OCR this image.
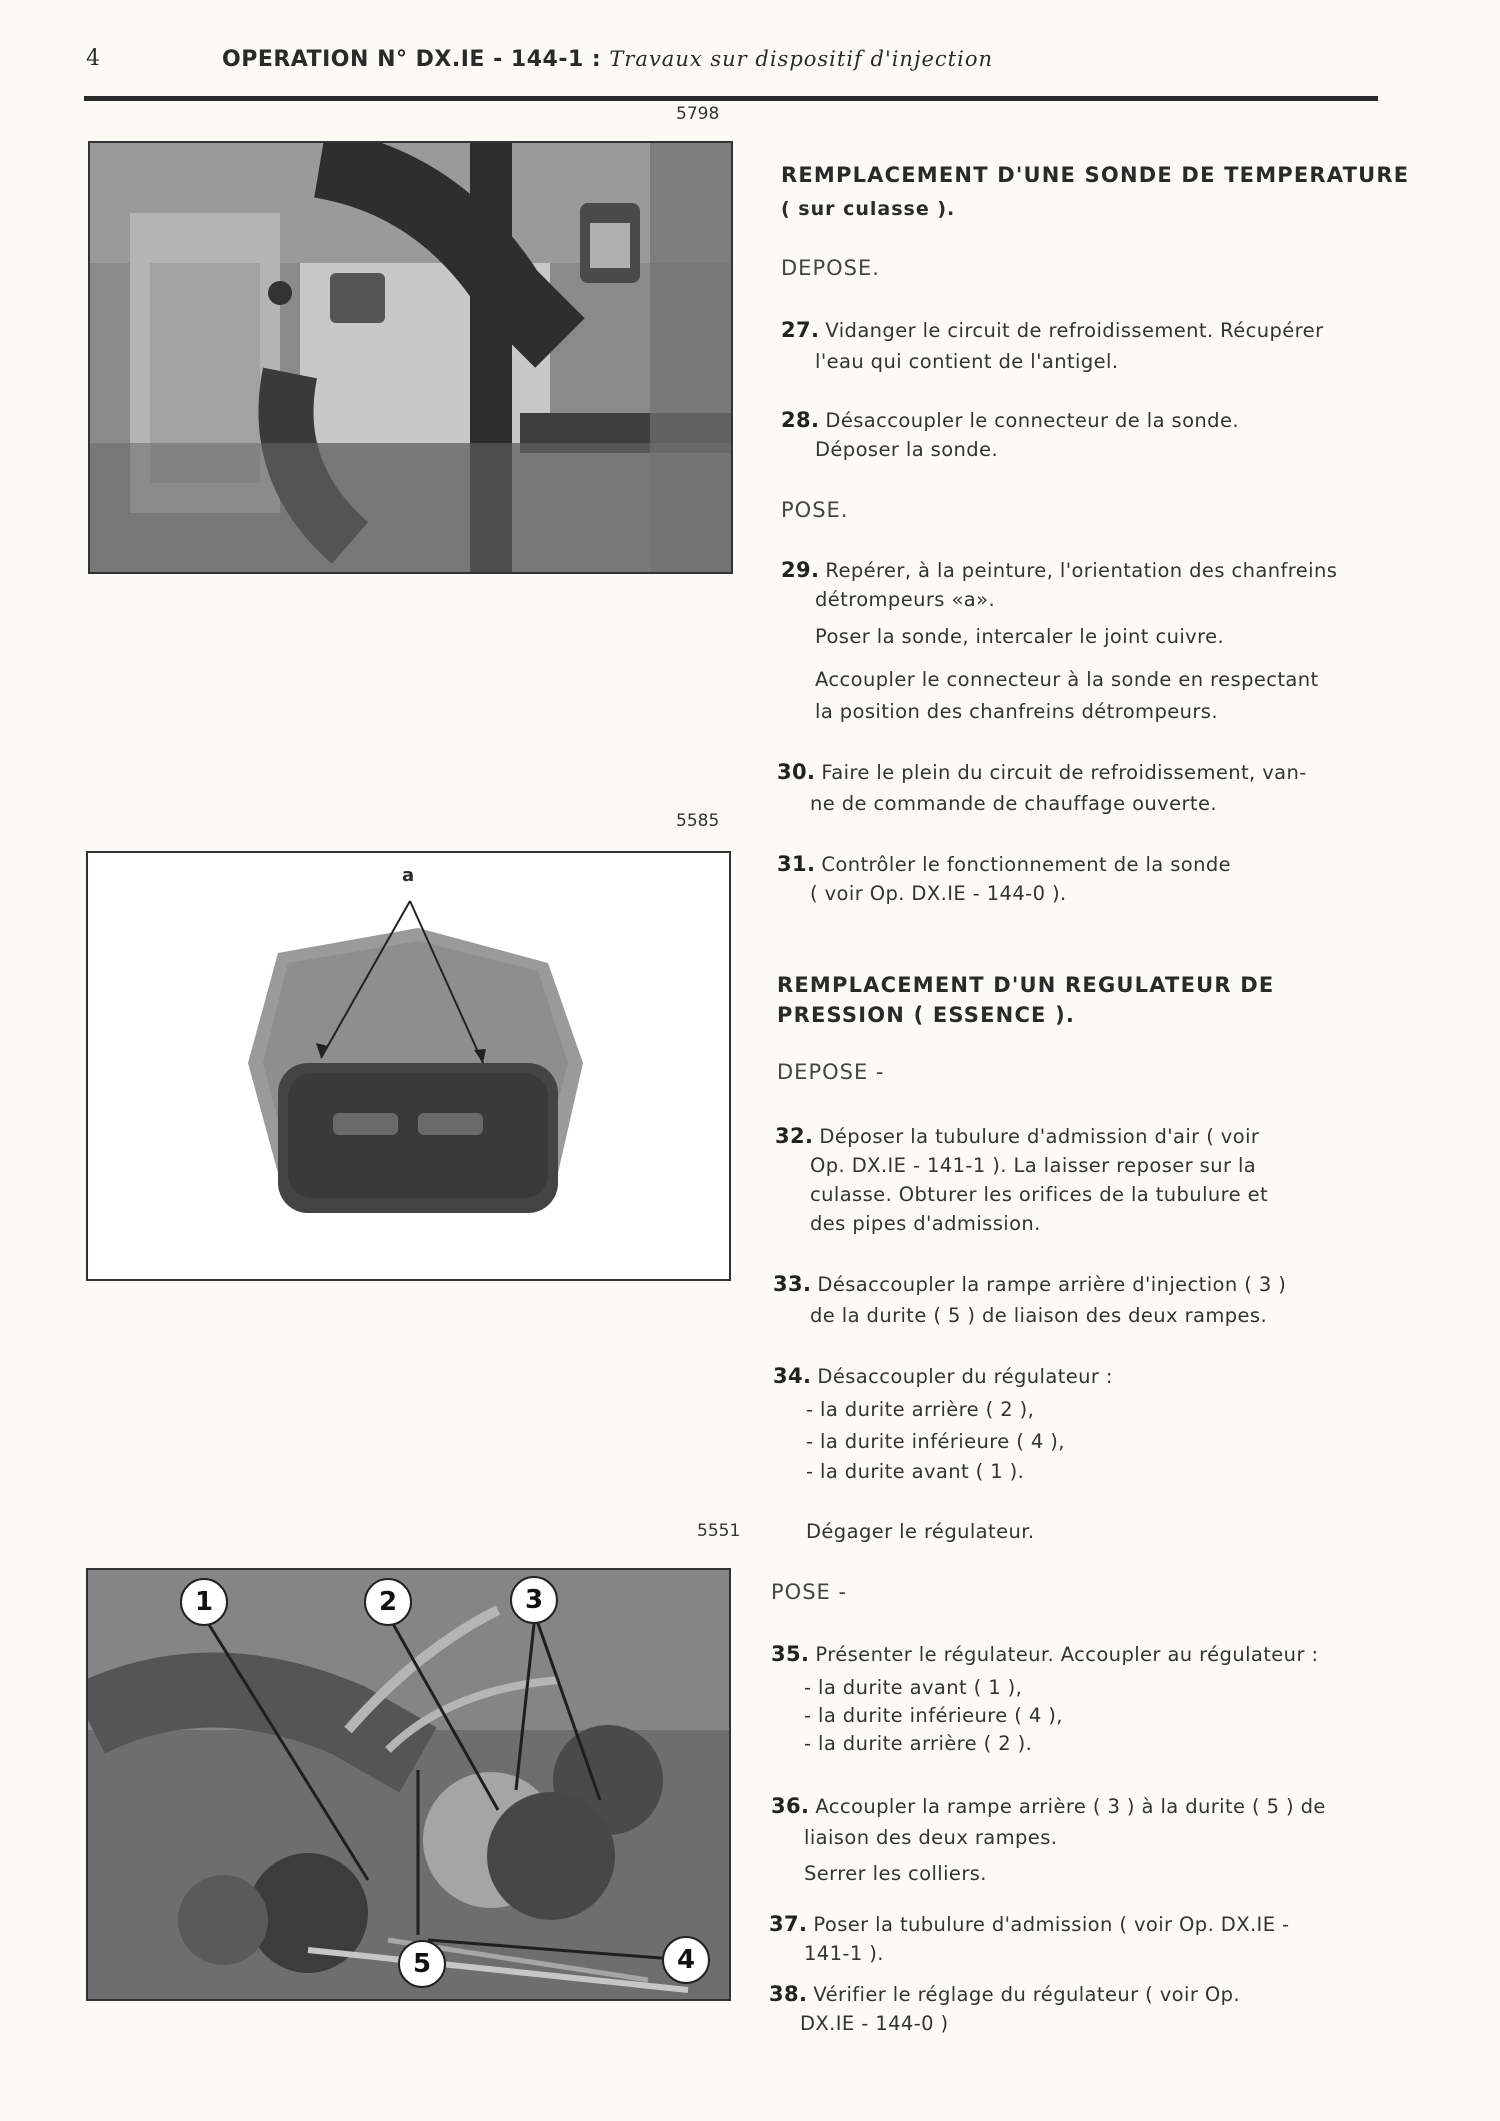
4	OPERATION N° DX.IE - 144-1 : Travaux sur dispositif d'injection
5798
5585
a
5551
1	2	3
4
5
REMPLACEMENT D'UNE SONDE DE TEMPERATURE
( sur culasse ).
DEPOSE.
27. Vidanger le circuit de refroidissement. Récupérer
l'eau qui contient de l'antigel.
28. Désaccoupler le connecteur de la sonde.
Déposer la sonde.
POSE.
29. Repérer, à la peinture, l'orientation des chanfreins
détrompeurs «a».
Poser la sonde, intercaler le joint cuivre.
Accoupler le connecteur à la sonde en respectant
la position des chanfreins détrompeurs.
30. Faire le plein du circuit de refroidissement, van-
ne de commande de chauffage ouverte.
31. Contrôler le fonctionnement de la sonde
( voir Op. DX.IE - 144-0 ).
REMPLACEMENT D'UN REGULATEUR DE
PRESSION ( ESSENCE ).
DEPOSE -
32. Déposer la tubulure d'admission d'air ( voir
Op. DX.IE - 141-1 ). La laisser reposer sur la
culasse. Obturer les orifices de la tubulure et
des pipes d'admission.
33. Désaccoupler la rampe arrière d'injection ( 3 )
de la durite ( 5 ) de liaison des deux rampes.
34. Désaccoupler du régulateur :
- la durite arrière ( 2 ),
- la durite inférieure ( 4 ),
- la durite avant ( 1 ).
Dégager le régulateur.
POSE -
35. Présenter le régulateur. Accoupler au régulateur :
- la durite avant ( 1 ),
- la durite inférieure ( 4 ),
- la durite arrière ( 2 ).
36. Accoupler la rampe arrière ( 3 ) à la durite ( 5 ) de
liaison des deux rampes.
Serrer les colliers.
37. Poser la tubulure d'admission ( voir Op. DX.IE -
141-1 ).
38. Vérifier le réglage du régulateur ( voir Op.
DX.IE - 144-0 )
